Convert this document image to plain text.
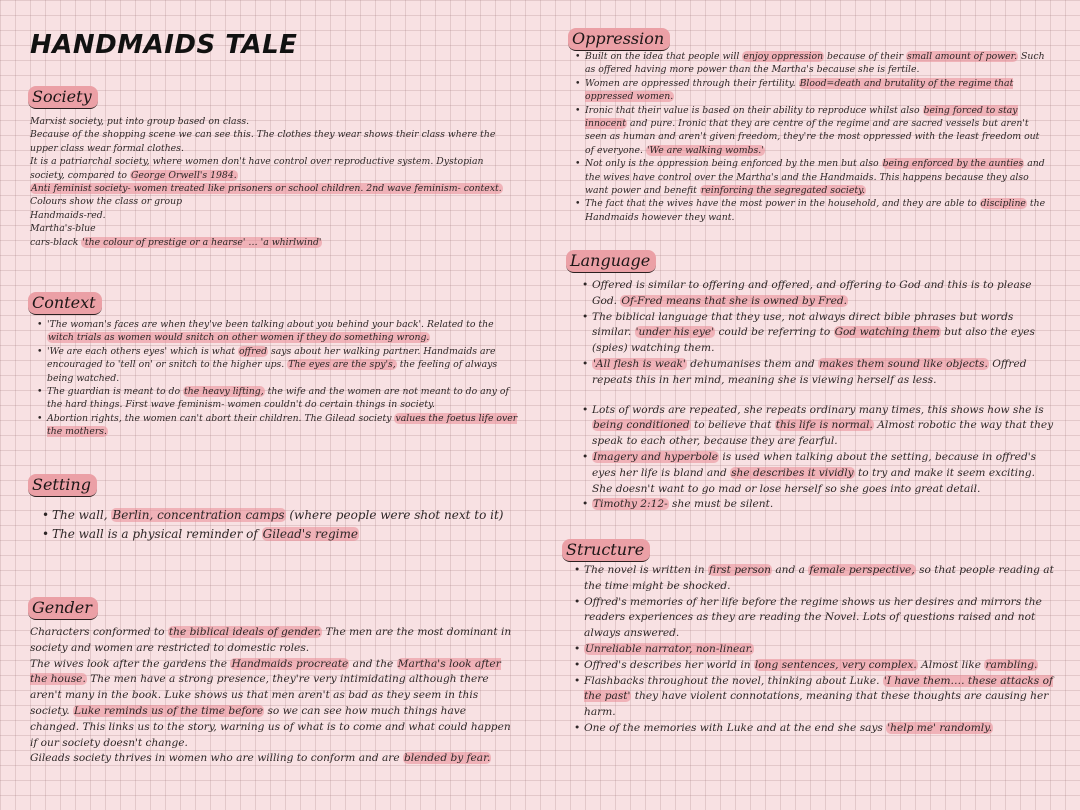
HANDMAIDS TALE
Society

Marxist society, put into group based on class.

Because of the shopping scene we can see this. The clothes they wear shows their class where the upper class wear formal clothes.

It is a patriarchal society, where women don't have control over reproductive system. Dystopian society, compared to George Orwell's 1984.

Anti feminist society- women treated like prisoners or school children. 2nd wave feminism- context.

Colours show the class or group

Handmaids-red.

Martha's-blue

cars-black 'the colour of prestige or a hearse' … 'a whirlwind'

Context
• 'The woman's faces are when they've been talking about you behind your back'. Related to the witch trials as women would snitch on other women if they do something wrong.
• 'We are each others eyes' which is what offred says about her walking partner. Handmaids are encouraged to 'tell on' or snitch to the higher ups. The eyes are the spy's, the feeling of always being watched.
• The guardian is meant to do the heavy lifting, the wife and the women are not meant to do any of the hard things. First wave feminism- women couldn't do certain things in society.
• Abortion rights, the women can't abort their children. The Gilead society values the foetus life over the mothers.
Setting
• The wall, Berlin, concentration camps (where people were shot next to it)
• The wall is a physical reminder of Gilead's regime
Gender

Characters conformed to the biblical ideals of gender. The men are the most dominant in society and women are restricted to domestic roles.

The wives look after the gardens the Handmaids procreate and the Martha's look after the house. The men have a strong presence, they're very intimidating although there aren't many in the book. Luke shows us that men aren't as bad as they seem in this society. Luke reminds us of the time before so we can see how much things have changed. This links us to the story, warning us of what is to come and what could happen if our society doesn't change.

Gileads society thrives in women who are willing to conform and are blended by fear.

Oppression
• Built on the idea that people will enjoy oppression because of their small amount of power. Such as offered having more power than the Martha's because she is fertile.
• Women are oppressed through their fertility. Blood=death and brutality of the regime that oppressed women.
• Ironic that their value is based on their ability to reproduce whilst also being forced to stay innocent and pure. Ironic that they are centre of the regime and are sacred vessels but aren't seen as human and aren't given freedom, they're the most oppressed with the least freedom out of everyone. 'We are walking wombs.'
• Not only is the oppression being enforced by the men but also being enforced by the aunties and the wives have control over the Martha's and the Handmaids. This happens because they also want power and benefit reinforcing the segregated society.
• The fact that the wives have the most power in the household, and they are able to discipline the Handmaids however they want.
Language
• Offered is similar to offering and offered, and offering to God and this is to please God. Of-Fred means that she is owned by Fred.
• The biblical language that they use, not always direct bible phrases but words similar. 'under his eye' could be referring to God watching them but also the eyes (spies) watching them.
• 'All flesh is weak' dehumanises them and makes them sound like objects. Offred repeats this in her mind, meaning she is viewing herself as less.
• Lots of words are repeated, she repeats ordinary many times, this shows how she is being conditioned to believe that this life is normal. Almost robotic the way that they speak to each other, because they are fearful.
• Imagery and hyperbole is used when talking about the setting, because in offred's eyes her life is bland and she describes it vividly to try and make it seem exciting. She doesn't want to go mad or lose herself so she goes into great detail.
• Timothy 2:12- she must be silent.
Structure
• The novel is written in first person and a female perspective, so that people reading at the time might be shocked.
• Offred's memories of her life before the regime shows us her desires and mirrors the readers experiences as they are reading the Novel. Lots of questions raised and not always answered.
• Unreliable narrator, non-linear.
• Offred's describes her world in long sentences, very complex. Almost like rambling.
• Flashbacks throughout the novel, thinking about Luke. 'I have them…. these attacks of the past' they have violent connotations, meaning that these thoughts are causing her harm.
• One of the memories with Luke and at the end she says 'help me' randomly.
